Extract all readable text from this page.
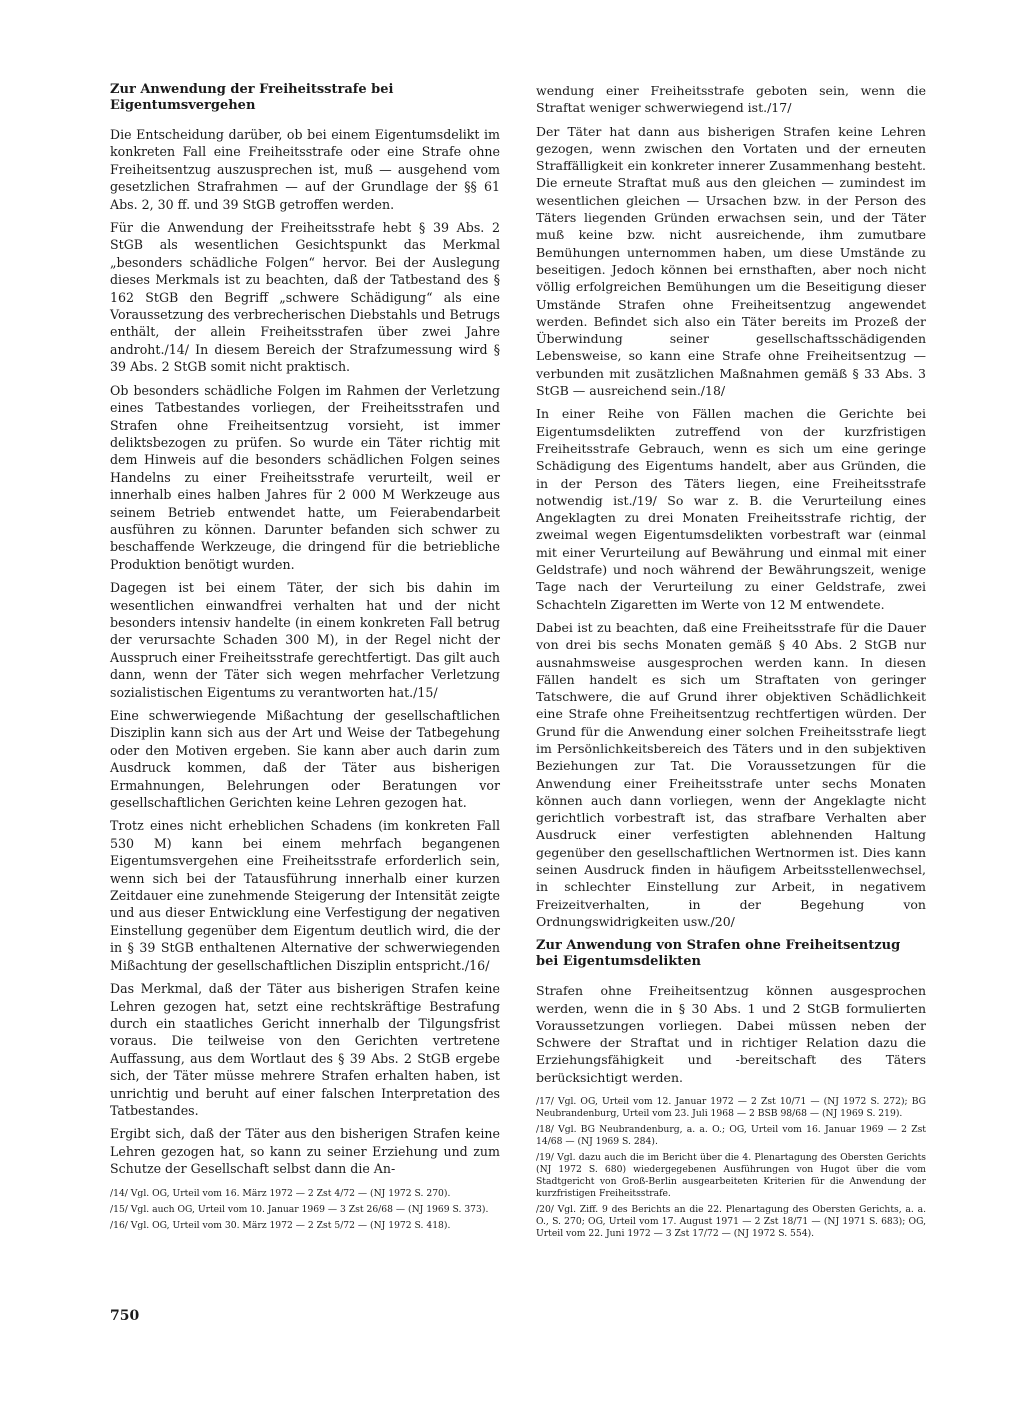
Zur Anwendung der Freiheitsstrafe bei Eigentumsvergehen

Die Entscheidung darüber, ob bei einem Eigentumsdelikt im konkreten Fall eine Freiheitsstrafe oder eine Strafe ohne Freiheitsentzug auszusprechen ist, muß — ausgehend vom gesetzlichen Strafrahmen — auf der Grundlage der §§ 61 Abs. 2, 30 ff. und 39 StGB getroffen werden.

Für die Anwendung der Freiheitsstrafe hebt § 39 Abs. 2 StGB als wesentlichen Gesichtspunkt das Merkmal „besonders schädliche Folgen“ hervor. Bei der Auslegung dieses Merkmals ist zu beachten, daß der Tatbestand des § 162 StGB den Begriff „schwere Schädigung“ als eine Voraussetzung des verbrecherischen Diebstahls und Betrugs enthält, der allein Freiheitsstrafen über zwei Jahre androht./14/ In diesem Bereich der Strafzumessung wird § 39 Abs. 2 StGB somit nicht praktisch.

Ob besonders schädliche Folgen im Rahmen der Verletzung eines Tatbestandes vorliegen, der Freiheitsstrafen und Strafen ohne Freiheitsentzug vorsieht, ist immer deliktsbezogen zu prüfen. So wurde ein Täter richtig mit dem Hinweis auf die besonders schädlichen Folgen seines Handelns zu einer Freiheitsstrafe verurteilt, weil er innerhalb eines halben Jahres für 2 000 M Werkzeuge aus seinem Betrieb entwendet hatte, um Feierabendarbeit ausführen zu können. Darunter befanden sich schwer zu beschaffende Werkzeuge, die dringend für die betriebliche Produktion benötigt wurden.

Dagegen ist bei einem Täter, der sich bis dahin im wesentlichen einwandfrei verhalten hat und der nicht besonders intensiv handelte (in einem konkreten Fall betrug der verursachte Schaden 300 M), in der Regel nicht der Ausspruch einer Freiheitsstrafe gerechtfertigt. Das gilt auch dann, wenn der Täter sich wegen mehrfacher Verletzung sozialistischen Eigentums zu verantworten hat./15/

Eine schwerwiegende Mißachtung der gesellschaftlichen Disziplin kann sich aus der Art und Weise der Tatbegehung oder den Motiven ergeben. Sie kann aber auch darin zum Ausdruck kommen, daß der Täter aus bisherigen Ermahnungen, Belehrungen oder Beratungen vor gesellschaftlichen Gerichten keine Lehren gezogen hat.

Trotz eines nicht erheblichen Schadens (im konkreten Fall 530 M) kann bei einem mehrfach begangenen Eigentumsvergehen eine Freiheitsstrafe erforderlich sein, wenn sich bei der Tatausführung innerhalb einer kurzen Zeitdauer eine zunehmende Steigerung der Intensität zeigte und aus dieser Entwicklung eine Verfestigung der negativen Einstellung gegenüber dem Eigentum deutlich wird, die der in § 39 StGB enthaltenen Alternative der schwerwiegenden Mißachtung der gesellschaftlichen Disziplin entspricht./16/

Das Merkmal, daß der Täter aus bisherigen Strafen keine Lehren gezogen hat, setzt eine rechtskräftige Bestrafung durch ein staatliches Gericht innerhalb der Tilgungsfrist voraus. Die teilweise von den Gerichten vertretene Auffassung, aus dem Wortlaut des § 39 Abs. 2 StGB ergebe sich, der Täter müsse mehrere Strafen erhalten haben, ist unrichtig und beruht auf einer falschen Interpretation des Tatbestandes.

Ergibt sich, daß der Täter aus den bisherigen Strafen keine Lehren gezogen hat, so kann zu seiner Erziehung und zum Schutze der Gesellschaft selbst dann die An-

/14/ Vgl. OG, Urteil vom 16. März 1972 — 2 Zst 4/72 — (NJ 1972 S. 270).

/15/ Vgl. auch OG, Urteil vom 10. Januar 1969 — 3 Zst 26/68 — (NJ 1969 S. 373).

/16/ Vgl. OG, Urteil vom 30. März 1972 — 2 Zst 5/72 — (NJ 1972 S. 418).

wendung einer Freiheitsstrafe geboten sein, wenn die Straftat weniger schwerwiegend ist./17/

Der Täter hat dann aus bisherigen Strafen keine Lehren gezogen, wenn zwischen den Vortaten und der erneuten Straffälligkeit ein konkreter innerer Zusammenhang besteht. Die erneute Straftat muß aus den gleichen — zumindest im wesentlichen gleichen — Ursachen bzw. in der Person des Täters liegenden Gründen erwachsen sein, und der Täter muß keine bzw. nicht ausreichende, ihm zumutbare Bemühungen unternommen haben, um diese Umstände zu beseitigen. Jedoch können bei ernsthaften, aber noch nicht völlig erfolgreichen Bemühungen um die Beseitigung dieser Umstände Strafen ohne Freiheitsentzug angewendet werden. Befindet sich also ein Täter bereits im Prozeß der Überwindung seiner gesellschaftsschädigenden Lebensweise, so kann eine Strafe ohne Freiheitsentzug — verbunden mit zusätzlichen Maßnahmen gemäß § 33 Abs. 3 StGB — ausreichend sein./18/

In einer Reihe von Fällen machen die Gerichte bei Eigentumsdelikten zutreffend von der kurzfristigen Freiheitsstrafe Gebrauch, wenn es sich um eine geringe Schädigung des Eigentums handelt, aber aus Gründen, die in der Person des Täters liegen, eine Freiheitsstrafe notwendig ist./19/ So war z. B. die Verurteilung eines Angeklagten zu drei Monaten Freiheitsstrafe richtig, der zweimal wegen Eigentumsdelikten vorbestraft war (einmal mit einer Verurteilung auf Bewährung und einmal mit einer Geldstrafe) und noch während der Bewährungszeit, wenige Tage nach der Verurteilung zu einer Geldstrafe, zwei Schachteln Zigaretten im Werte von 12 M entwendete.

Dabei ist zu beachten, daß eine Freiheitsstrafe für die Dauer von drei bis sechs Monaten gemäß § 40 Abs. 2 StGB nur ausnahmsweise ausgesprochen werden kann. In diesen Fällen handelt es sich um Straftaten von geringer Tatschwere, die auf Grund ihrer objektiven Schädlichkeit eine Strafe ohne Freiheitsentzug rechtfertigen würden. Der Grund für die Anwendung einer solchen Freiheitsstrafe liegt im Persönlichkeitsbereich des Täters und in den subjektiven Beziehungen zur Tat. Die Voraussetzungen für die Anwendung einer Freiheitsstrafe unter sechs Monaten können auch dann vorliegen, wenn der Angeklagte nicht gerichtlich vorbestraft ist, das strafbare Verhalten aber Ausdruck einer verfestigten ablehnenden Haltung gegenüber den gesellschaftlichen Wertnormen ist. Dies kann seinen Ausdruck finden in häufigem Arbeitsstellenwechsel, in schlechter Einstellung zur Arbeit, in negativem Freizeitverhalten, in der Begehung von Ordnungswidrigkeiten usw./20/

Zur Anwendung von Strafen ohne Freiheitsentzug bei Eigentumsdelikten

Strafen ohne Freiheitsentzug können ausgesprochen werden, wenn die in § 30 Abs. 1 und 2 StGB formulierten Voraussetzungen vorliegen. Dabei müssen neben der Schwere der Straftat und in richtiger Relation dazu die Erziehungsfähigkeit und -bereitschaft des Täters berücksichtigt werden.

/17/ Vgl. OG, Urteil vom 12. Januar 1972 — 2 Zst 10/71 — (NJ 1972 S. 272); BG Neubrandenburg, Urteil vom 23. Juli 1968 — 2 BSB 98/68 — (NJ 1969 S. 219).

/18/ Vgl. BG Neubrandenburg, a. a. O.; OG, Urteil vom 16. Januar 1969 — 2 Zst 14/68 — (NJ 1969 S. 284).

/19/ Vgl. dazu auch die im Bericht über die 4. Plenartagung des Obersten Gerichts (NJ 1972 S. 680) wiedergegebenen Ausführungen von Hugot über die vom Stadtgericht von Groß-Berlin ausgearbeiteten Kriterien für die Anwendung der kurzfristigen Freiheitsstrafe.

/20/ Vgl. Ziff. 9 des Berichts an die 22. Plenartagung des Obersten Gerichts, a. a. O., S. 270; OG, Urteil vom 17. August 1971 — 2 Zst 18/71 — (NJ 1971 S. 683); OG, Urteil vom 22. Juni 1972 — 3 Zst 17/72 — (NJ 1972 S. 554).

750
